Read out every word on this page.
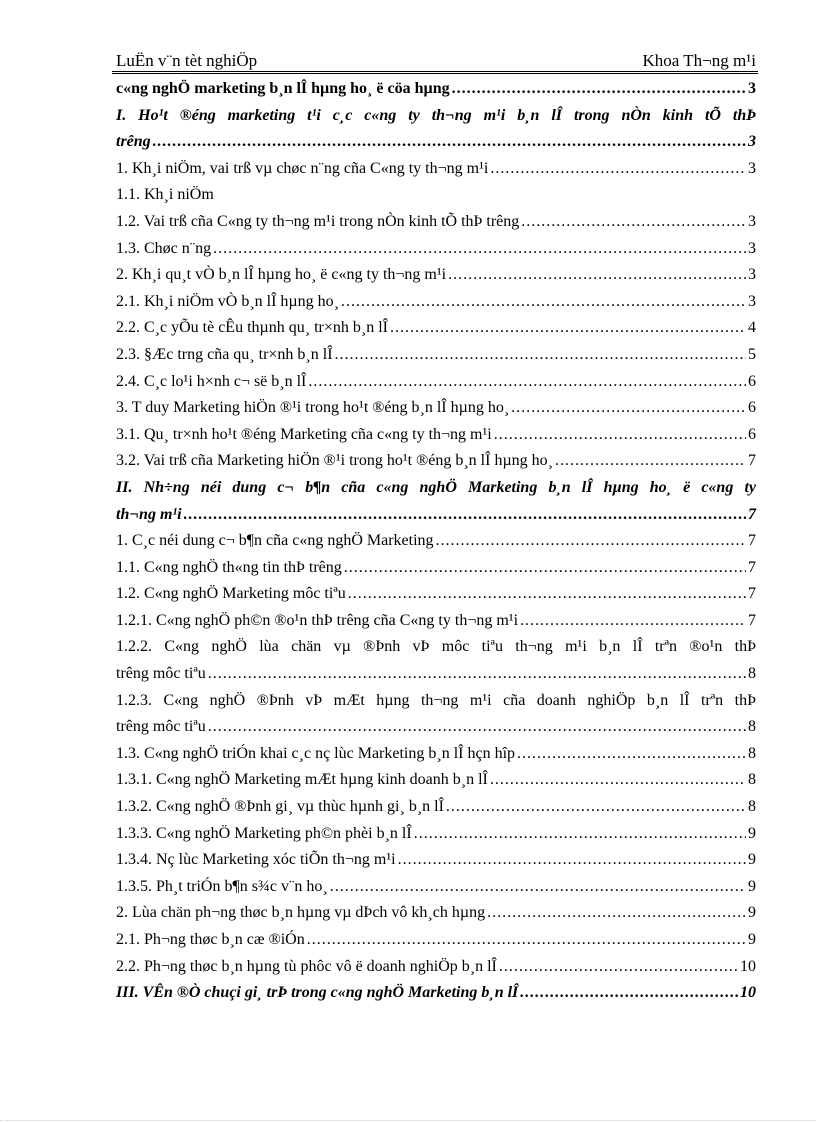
LuËn v¨n tèt nghiÖp	Khoa Th¬ng m¹i
c«ng nghÖ marketing b¸n lÎ hµng ho¸ ë cöa hµng .....	3
I. Ho¹t ®éng marketing t¹i c¸c c«ng ty th¬ng m¹i b¸n lÎ trong nÒn kinh tÕ thÞ
trêng .....	3
1. Kh¸i niÖm, vai trß vµ chøc n¨ng cña C«ng ty th¬ng m¹i .....	3
1.1. Kh¸i niÖm
1.2. Vai trß cña C«ng ty th¬ng m¹i trong nÒn kinh tÕ thÞ trêng .....	3
1.3. Chøc n¨ng .....	3
2. Kh¸i qu¸t vÒ b¸n lÎ hµng ho¸ ë c«ng ty th¬ng m¹i .....	3
2.1. Kh¸i niÖm vÒ b¸n lÎ hµng ho¸ .....	3
2.2. C¸c yÕu tè cÊu thµnh qu¸ tr×nh b¸n lÎ .....	4
2.3. §Æc trng cña qu¸ tr×nh b¸n lÎ .....	5
2.4. C¸c lo¹i h×nh c¬ së b¸n lÎ .....	6
3. T duy Marketing hiÖn ®¹i trong ho¹t ®éng b¸n lÎ hµng ho¸ .....	6
3.1. Qu¸ tr×nh ho¹t ®éng Marketing cña c«ng ty th¬ng m¹i .....	6
3.2. Vai trß cña Marketing hiÖn ®¹i trong ho¹t ®éng b¸n lÎ hµng ho¸ .....	7
II. Nh÷ng néi dung c¬ b¶n cña c«ng nghÖ Marketing b¸n lÎ hµng ho¸ ë c«ng ty
th¬ng m¹i .....	7
1. C¸c néi dung c¬ b¶n cña c«ng nghÖ Marketing .....	7
1.1. C«ng nghÖ th«ng tin thÞ trêng .....	7
1.2. C«ng nghÖ Marketing môc tiªu .....	7
1.2.1. C«ng nghÖ ph©n ®o¹n thÞ trêng cña C«ng ty th¬ng m¹i .....	7
1.2.2. C«ng nghÖ lùa chän vµ ®Þnh vÞ môc tiªu th¬ng m¹i b¸n lÎ trªn ®o¹n thÞ
trêng môc tiªu .....	8
1.2.3. C«ng nghÖ ®Þnh vÞ mÆt hµng th¬ng m¹i cña doanh nghiÖp b¸n lÎ trªn thÞ
trêng môc tiªu .....	8
1.3. C«ng nghÖ triÓn khai c¸c nç lùc Marketing b¸n lÎ hçn hîp .....	8
1.3.1. C«ng nghÖ Marketing mÆt hµng kinh doanh b¸n lÎ .....	8
1.3.2. C«ng nghÖ ®Þnh gi¸ vµ thùc hµnh gi¸ b¸n lÎ .....	8
1.3.3. C«ng nghÖ Marketing ph©n phèi b¸n lÎ .....	9
1.3.4. Nç lùc Marketing xóc tiÕn th¬ng m¹i .....	9
1.3.5. Ph¸t triÓn b¶n s¾c v¨n ho¸ .....	9
2. Lùa chän ph¬ng thøc b¸n hµng vµ dÞch vô kh¸ch hµng .....	9
2.1. Ph¬ng thøc b¸n cæ ®iÓn .....	9
2.2. Ph¬ng thøc b¸n hµng tù phôc vô ë doanh nghiÖp b¸n lÎ .....	10
III. VÊn ®Ò chuçi gi¸ trÞ trong c«ng nghÖ Marketing b¸n lÎ .....	10
